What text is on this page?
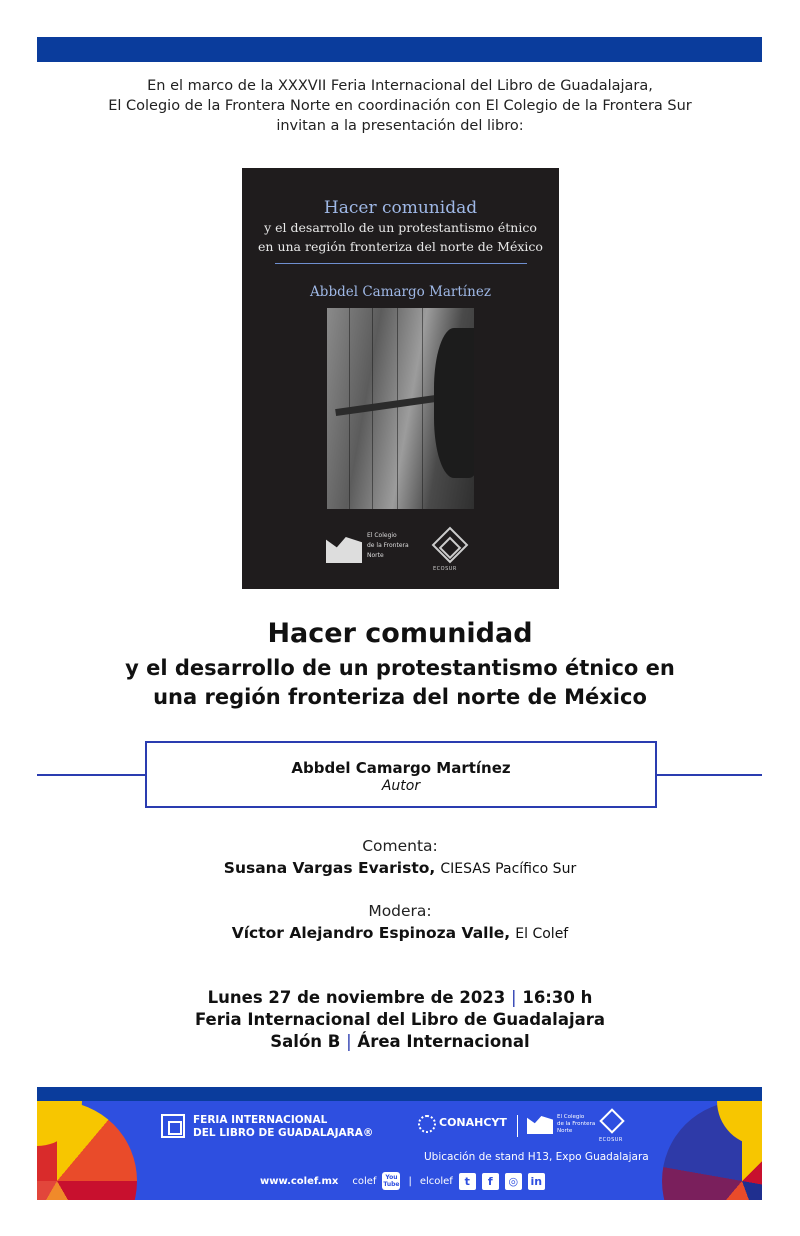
En el marco de la XXXVII Feria Internacional del Libro de Guadalajara,
El Colegio de la Frontera Norte en coordinación con El Colegio de la Frontera Sur
invitan a la presentación del libro:
Hacer comunidad
y el desarrollo de un protestantismo étnico
en una región fronteriza del norte de México
Abbdel Camargo Martínez
El Colegio
de la Frontera
Norte
ECOSUR
Hacer comunidad
y el desarrollo de un protestantismo étnico en
una región fronteriza del norte de México
Abbdel Camargo Martínez
Autor
Comenta:
Susana Vargas Evaristo, CIESAS Pacífico Sur
Modera:
Víctor Alejandro Espinoza Valle, El Colef
Lunes 27 de noviembre de 2023 | 16:30 h
Feria Internacional del Libro de Guadalajara
Salón B | Área Internacional
FERIA INTERNACIONAL
DEL LIBRO DE GUADALAJARA®
CONAHCYT	El Colegio
de la Frontera
Norte
ECOSUR
Ubicación de stand H13, Expo Guadalajara
www.colef.mx colef	You
Tube | elcolef	t	f	◎	in
